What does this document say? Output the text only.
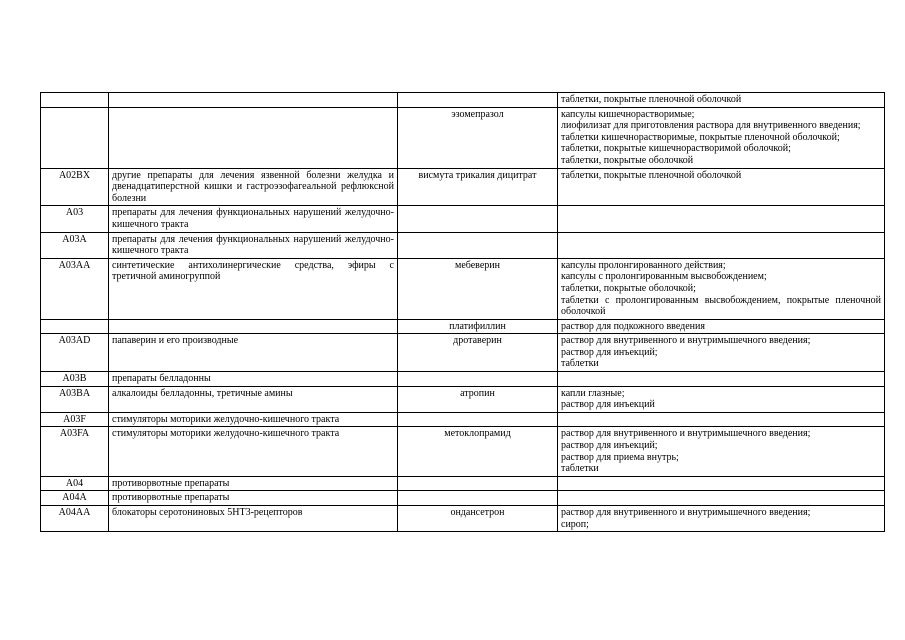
			таблетки, покрытые пленочной оболочкой

		эзомепразол	капсулы кишечнорастворимые;
лиофилизат для приготовления раствора для внутривенного введения;
таблетки кишечнорастворимые, покрытые пленочной оболочкой;
таблетки, покрытые кишечнорастворимой оболочкой;
таблетки, покрытые оболочкой

A02BX	другие препараты для лечения язвенной болезни желудка и двенадцатиперстной кишки и гастроэзофагеальной рефлюксной болезни	висмута трикалия дицитрат	таблетки, покрытые пленочной оболочкой

A03	препараты для лечения функциональных нарушений желудочно-кишечного тракта		

A03A	препараты для лечения функциональных нарушений желудочно-кишечного тракта		

A03AA	синтетические антихолинергические средства, эфиры с третичной аминогруппой	мебеверин	капсулы пролонгированного действия;
капсулы с пролонгированным высвобождением;
таблетки, покрытые оболочкой;
таблетки с пролонгированным высвобождением, покрытые пленочной оболочкой

		платифиллин	раствор для подкожного введения

A03AD	папаверин и его производные	дротаверин	раствор для внутривенного и внутримышечного введения;
раствор для инъекций;
таблетки

A03B	препараты белладонны		

A03BA	алкалоиды белладонны, третичные амины	атропин	капли глазные;
раствор для инъекций

A03F	стимуляторы моторики желудочно-кишечного тракта		

A03FA	стимуляторы моторики желудочно-кишечного тракта	метоклопрамид	раствор для внутривенного и внутримышечного введения;
раствор для инъекций;
раствор для приема внутрь;
таблетки

A04	противорвотные препараты		

A04A	противорвотные препараты		

A04AA	блокаторы серотониновых 5HT3-рецепторов	ондансетрон	раствор для внутривенного и внутримышечного введения;
сироп;
